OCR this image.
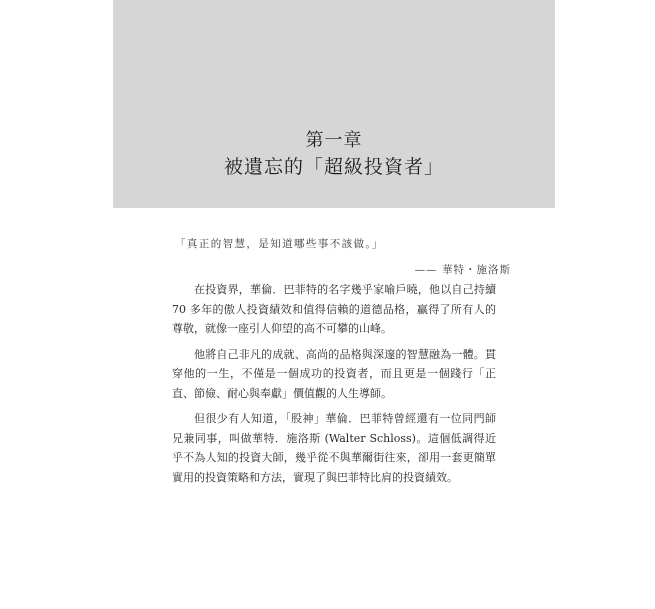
第一章
被遺忘的「超級投資者」
「真正的智慧，是知道哪些事不該做。」
—— 華特・施洛斯

在投資界，華倫．巴菲特的名字幾乎家喻戶曉，他以自己持續 70 多年的傲人投資績效和值得信賴的道德品格，贏得了所有人的尊敬，就像一座引人仰望的高不可攀的山峰。

他將自己非凡的成就、高尚的品格與深邃的智慧融為一體。貫穿他的一生，不僅是一個成功的投資者，而且更是一個踐行「正直、節儉、耐心與奉獻」價值觀的人生導師。

但很少有人知道，「股神」華倫．巴菲特曾經還有一位同門師兄兼同事，叫做華特．施洛斯 (Walter Schloss)。這個低調得近乎不為人知的投資大師，幾乎從不與華爾街往來，卻用一套更簡單實用的投資策略和方法，實現了與巴菲特比肩的投資績效。
